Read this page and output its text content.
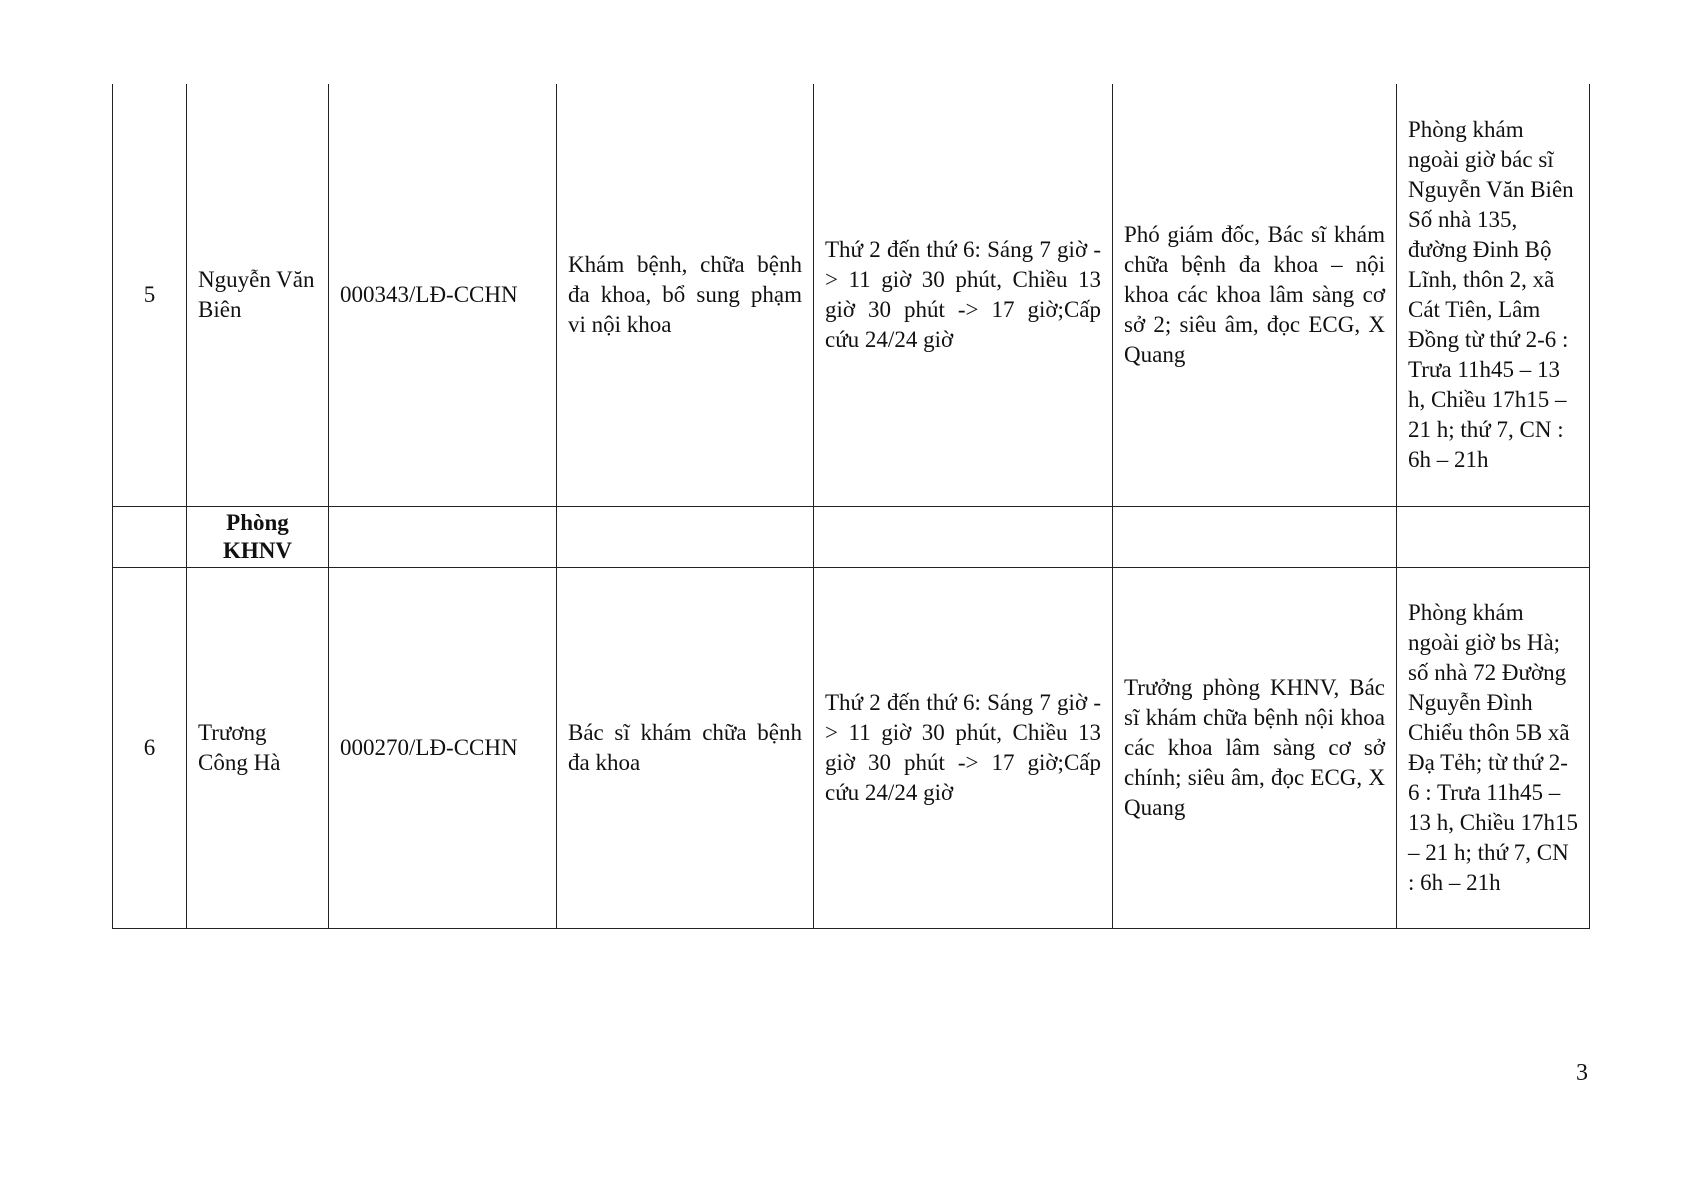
5	Nguyễn Văn Biên	000343/LĐ-CCHN	Khám bệnh, chữa bệnh đa khoa, bổ sung phạm vi nội khoa	Thứ 2 đến thứ 6: Sáng 7 giờ -> 11 giờ 30 phút, Chiều 13 giờ 30 phút -> 17 giờ;Cấp cứu 24/24 giờ	Phó giám đốc, Bác sĩ khám chữa bệnh đa khoa – nội khoa các khoa lâm sàng cơ sở 2; siêu âm, đọc ECG, X Quang	Phòng khám ngoài giờ bác sĩ Nguyễn Văn Biên Số nhà 135, đường Đinh Bộ Lĩnh, thôn 2, xã Cát Tiên, Lâm Đồng từ thứ 2-6 : Trưa 11h45 – 13 h, Chiều 17h15 – 21 h; thứ 7, CN : 6h – 21h
	Phòng KHNV					
6	Trương Công Hà	000270/LĐ-CCHN	Bác sĩ khám chữa bệnh đa khoa	Thứ 2 đến thứ 6: Sáng 7 giờ -> 11 giờ 30 phút, Chiều 13 giờ 30 phút -> 17 giờ;Cấp cứu 24/24 giờ	Trưởng phòng KHNV, Bác sĩ khám chữa bệnh nội khoa các khoa lâm sàng cơ sở chính; siêu âm, đọc ECG, X Quang	Phòng khám ngoài giờ bs Hà; số nhà 72 Đường Nguyễn Đình Chiểu thôn 5B xã Đạ Tẻh; từ thứ 2- 6 : Trưa 11h45 – 13 h, Chiều 17h15 – 21 h; thứ 7, CN : 6h – 21h
3
